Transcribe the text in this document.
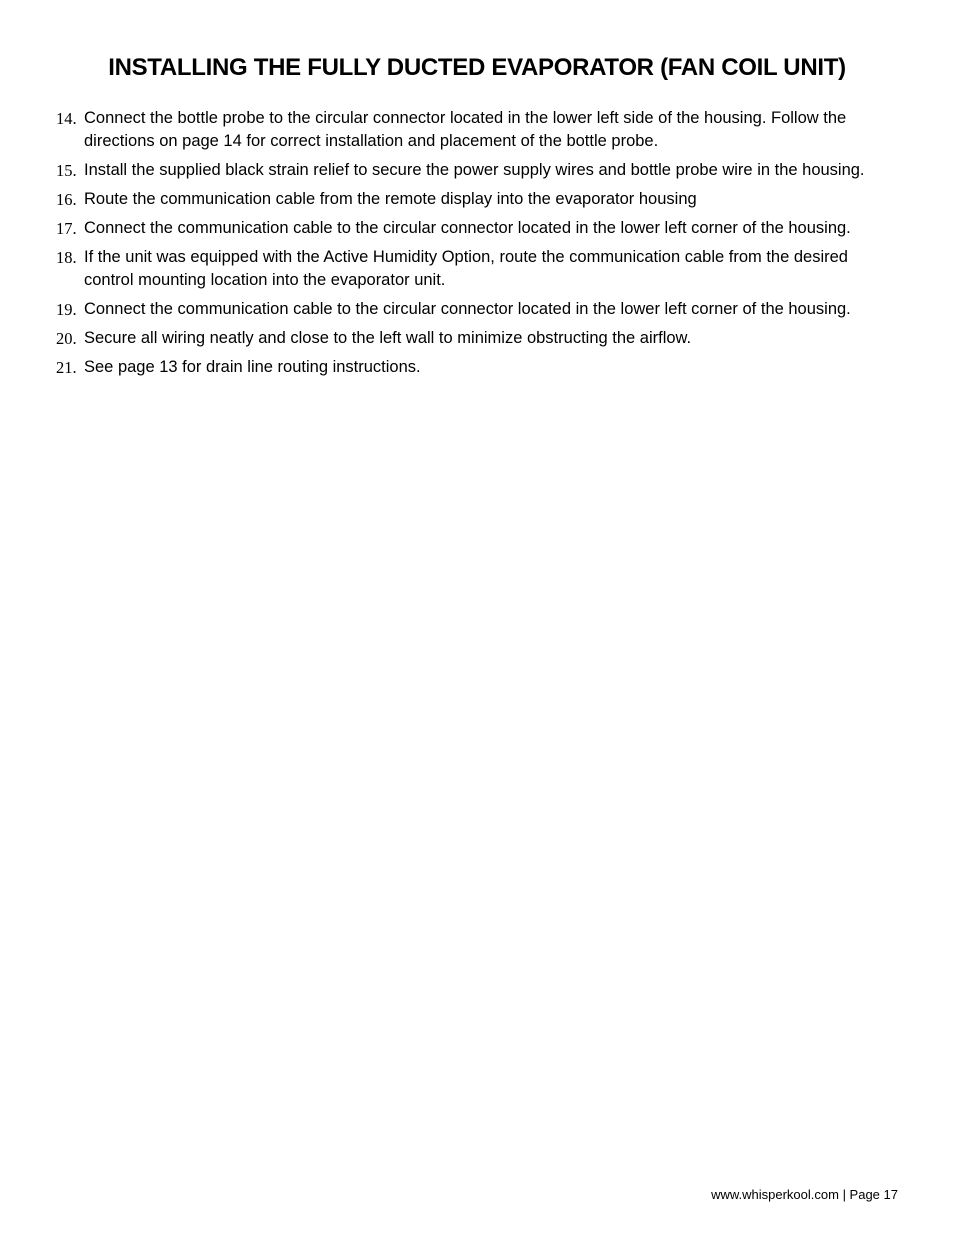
INSTALLING THE FULLY DUCTED EVAPORATOR (FAN COIL UNIT)
14. Connect the bottle probe to the circular connector located in the lower left side of the housing. Follow the directions on page 14 for correct installation and placement of the bottle probe.
15. Install the supplied black strain relief to secure the power supply wires and bottle probe wire in the housing.
16. Route the communication cable from the remote display into the evaporator housing
17. Connect the communication cable to the circular connector located in the lower left corner of the housing.
18. If the unit was equipped with the Active Humidity Option, route the communication cable from the desired control mounting location into the evaporator unit.
19. Connect the communication cable to the circular connector located in the lower left corner of the housing.
20. Secure all wiring neatly and close to the left wall to minimize obstructing the airflow.
21. See page 13 for drain line routing instructions.
www.whisperkool.com | Page 17
